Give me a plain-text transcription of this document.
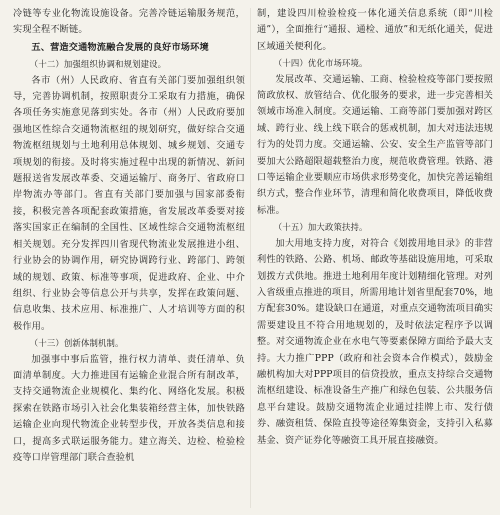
冷链等专业化物流设施设备。完善冷链运输服务规范，实现全程不断链。

五、营造交通物流融合发展的良好市场环境

（十二）加强组织协调和规划建设。

各市（州）人民政府、省直有关部门要加强组织领导，完善协调机制，按照职责分工采取有力措施，确保各项任务实施意见落到实处。各市（州）人民政府要加强地区性综合交通物流枢纽的规划研究，做好综合交通物流枢纽规划与土地利用总体规划、城乡规划、交通专项规划的衔接。及时将实施过程中出现的新情况、新问题报送省发展改革委、交通运输厅、商务厅、省政府口岸物流办等部门。省直有关部门要加强与国家部委衔接，积极完善各项配套政策措施，省发展改革委要对接落实国家正在编制的全国性、区域性综合交通物流枢纽相关规划。充分发挥四川省现代物流业发展推进小组、行业协会的协调作用，研究协调跨行业、跨部门、跨领域的规划、政策、标准等事项，促进政府、企业、中介组织、行业协会等信息公开与共享，发挥在政策问题、信息收集、技术应用、标准推广、人才培训等方面的积极作用。

（十三）创新体制机制。

加强事中事后监管，推行权力清单、责任清单、负面清单制度。大力推进国有运输企业混合所有制改革，支持交通物流企业规模化、集约化、网络化发展。积极探索在铁路市场引入社会化集装箱经营主体，加快铁路运输企业向现代物流企业转型步伐，开放各类信息和接口，提高多式联运服务能力。建立海关、边检、检验检疫等口岸管理部门联合查验机

制，建设四川检验检疫一体化通关信息系统（即“川检通”），全面推行“通报、通检、通放”和无纸化通关，促进区域通关便利化。

（十四）优化市场环境。

发展改革、交通运输、工商、检验检疫等部门要按照简政放权、放管结合、优化服务的要求，进一步完善相关领域市场准入制度。交通运输、工商等部门要加强对跨区域、跨行业、线上线下联合的惩戒机制，加大对违法违规行为的处罚力度。交通运输、公安、安全生产监管等部门要加大公路超限超载整治力度，规范收费管理。铁路、港口等运输企业要顺应市场供求形势变化，加快完善运输组织方式，整合作业环节，清理和简化收费项目，降低收费标准。

（十五）加大政策扶持。

加大用地支持力度，对符合《划拨用地目录》的非营利性的铁路、公路、机场、邮政等基础设施用地，可采取划拨方式供地。推进土地利用年度计划精细化管理。对列入省级重点推进的项目，所需用地计划省里配套70%，地方配套30%。建设缺口在通道，对重点交通物流项目确实需要建设且不符合用地规划的，及时依法定程序予以调整。对交通物流企业在水电气等要素保障方面给予最大支持。大力推广PPP（政府和社会资本合作模式），鼓励金融机构加大对PPP项目的信贷投放，重点支持综合交通物流枢纽建设、标准设备生产推广和绿色包装、公共服务信息平台建设。鼓励交通物流企业通过挂牌上市、发行债券、融资租赁、保险直投等途径筹集资金，支持引入私募基金、资产证券化等融资工具开展直接融资。
